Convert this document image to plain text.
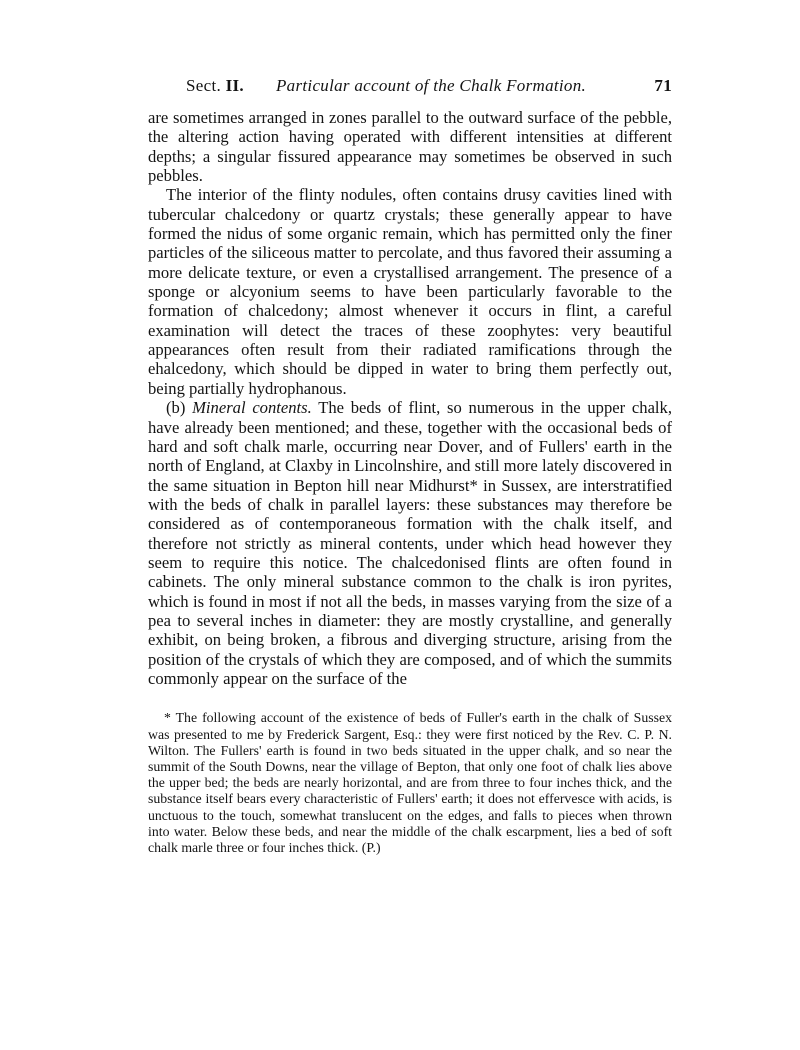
Sect. II. Particular account of the Chalk Formation.	71

are sometimes arranged in zones parallel to the outward surface of the pebble, the altering action having operated with different intensities at different depths; a singular fissured appearance may sometimes be observed in such pebbles.

The interior of the flinty nodules, often contains drusy cavities lined with tubercular chalcedony or quartz crystals; these generally appear to have formed the nidus of some organic remain, which has permitted only the finer particles of the siliceous matter to percolate, and thus favored their assuming a more delicate texture, or even a crystallised arrangement. The presence of a sponge or alcyonium seems to have been particularly favorable to the formation of chalcedony; almost whenever it occurs in flint, a careful examination will detect the traces of these zoophytes: very beautiful appearances often result from their radiated ramifications through the ehalcedony, which should be dipped in water to bring them perfectly out, being partially hydrophanous.

(b) Mineral contents. The beds of flint, so numerous in the upper chalk, have already been mentioned; and these, together with the occasional beds of hard and soft chalk marle, occurring near Dover, and of Fullers' earth in the north of England, at Claxby in Lincolnshire, and still more lately discovered in the same situation in Bepton hill near Midhurst* in Sussex, are interstratified with the beds of chalk in parallel layers: these substances may therefore be considered as of contemporaneous formation with the chalk itself, and therefore not strictly as mineral contents, under which head however they seem to require this notice. The chalcedonised flints are often found in cabinets. The only mineral substance common to the chalk is iron pyrites, which is found in most if not all the beds, in masses varying from the size of a pea to several inches in diameter: they are mostly crystalline, and generally exhibit, on being broken, a fibrous and diverging structure, arising from the position of the crystals of which they are composed, and of which the summits commonly appear on the surface of the

* The following account of the existence of beds of Fuller's earth in the chalk of Sussex was presented to me by Frederick Sargent, Esq.: they were first noticed by the Rev. C. P. N. Wilton. The Fullers' earth is found in two beds situated in the upper chalk, and so near the summit of the South Downs, near the village of Bepton, that only one foot of chalk lies above the upper bed; the beds are nearly horizontal, and are from three to four inches thick, and the substance itself bears every characteristic of Fullers' earth; it does not effervesce with acids, is unctuous to the touch, somewhat translucent on the edges, and falls to pieces when thrown into water. Below these beds, and near the middle of the chalk escarpment, lies a bed of soft chalk marle three or four inches thick. (P.)
